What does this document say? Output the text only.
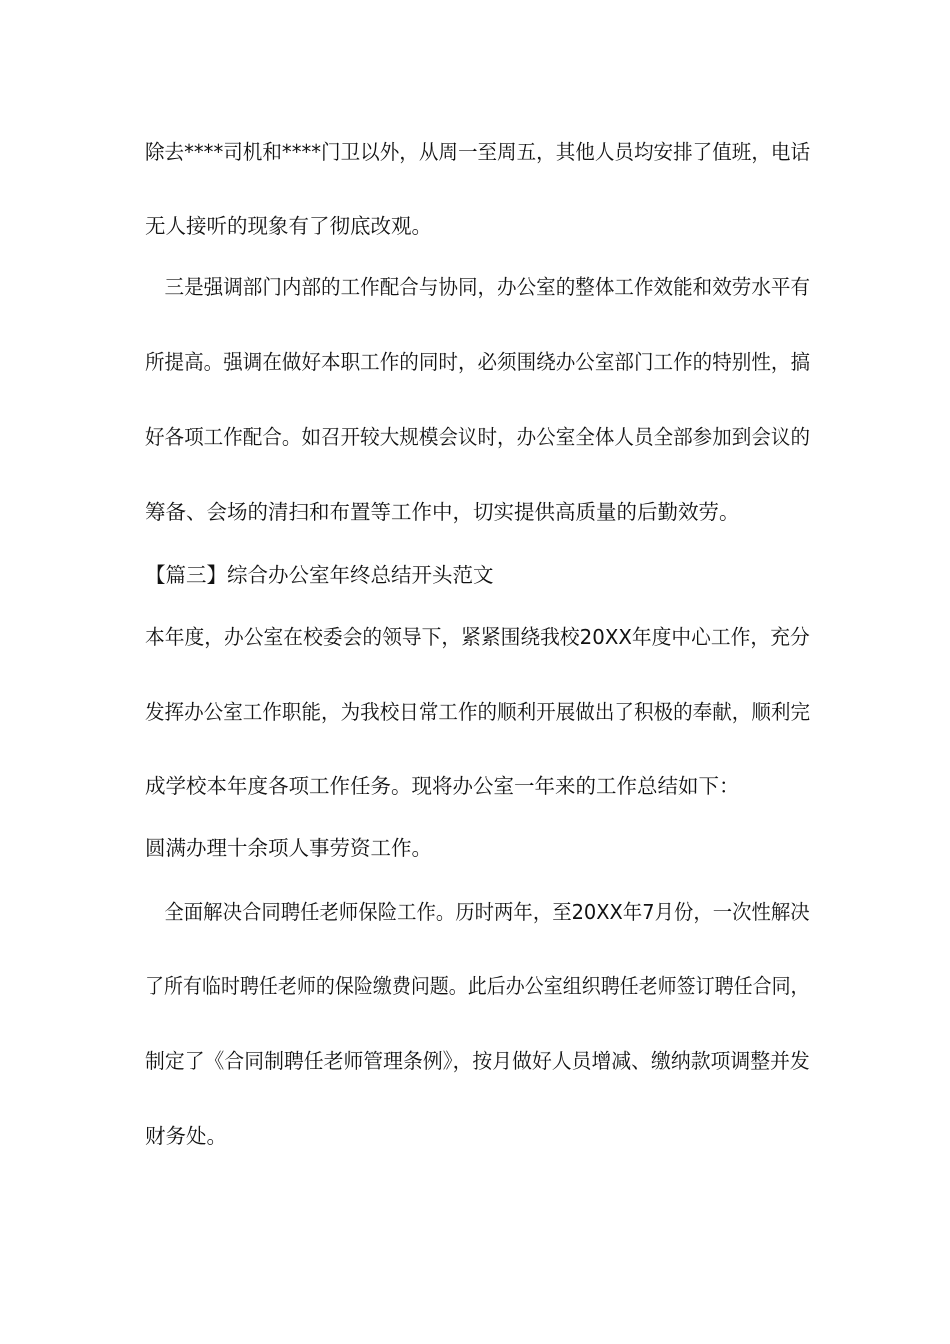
除去****司机和****门卫以外，从周一至周五，其他人员均安排了值班，电话
无人接听的现象有了彻底改观。
　三是强调部门内部的工作配合与协同，办公室的整体工作效能和效劳水平有
所提高。强调在做好本职工作的同时，必须围绕办公室部门工作的特别性，搞
好各项工作配合。如召开较大规模会议时，办公室全体人员全部参加到会议的
筹备、会场的清扫和布置等工作中，切实提供高质量的后勤效劳。
【篇三】综合办公室年终总结开头范文
本年度，办公室在校委会的领导下，紧紧围绕我校20XX年度中心工作，充分
发挥办公室工作职能，为我校日常工作的顺利开展做出了积极的奉献，顺利完
成学校本年度各项工作任务。现将办公室一年来的工作总结如下：
圆满办理十余项人事劳资工作。
　全面解决合同聘任老师保险工作。历时两年，至20XX年7月份，一次性解决
了所有临时聘任老师的保险缴费问题。此后办公室组织聘任老师签订聘任合同，
制定了《合同制聘任老师管理条例》，按月做好人员增减、缴纳款项调整并发
财务处。
